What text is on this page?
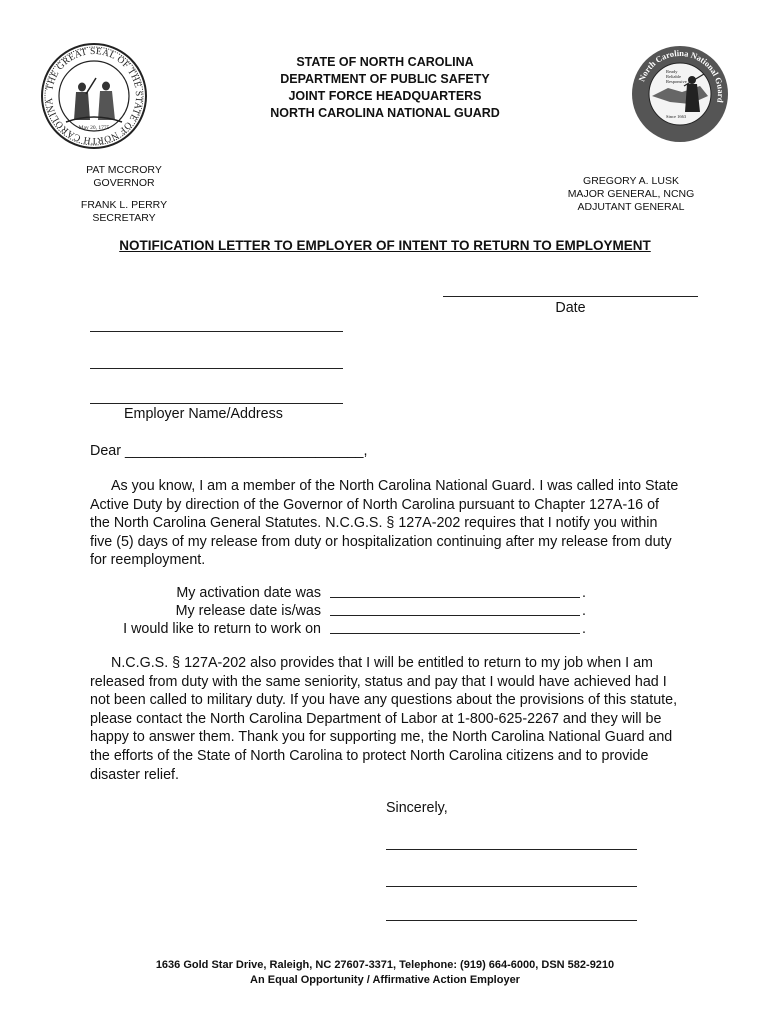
THE GREAT SEAL OF THE STATE OF NORTH CAROLINA
May 20, 1775
North Carolina National Guard
Ready
Reliable
Responsive
Since 1663
STATE OF NORTH CAROLINA
DEPARTMENT OF PUBLIC SAFETY
JOINT FORCE HEADQUARTERS
NORTH CAROLINA NATIONAL GUARD
PAT MCCRORY
GOVERNOR
FRANK L. PERRY
SECRETARY
GREGORY A. LUSK
MAJOR GENERAL, NCNG
ADJUTANT GENERAL
NOTIFICATION LETTER TO EMPLOYER OF INTENT TO RETURN TO EMPLOYMENT
Date
Employer Name/Address
Dear ______________________________,
As you know, I am a member of the North Carolina National Guard. I was called into State Active Duty by direction of the Governor of North Carolina pursuant to Chapter 127A-16 of the North Carolina General Statutes. N.C.G.S. § 127A-202 requires that I notify you within five (5) days of my release from duty or hospitalization continuing after my release from duty for reemployment.
My activation date was	.
My release date is/was	.
I would like to return to work on	.
N.C.G.S. § 127A-202 also provides that I will be entitled to return to my job when I am released from duty with the same seniority, status and pay that I would have achieved had I not been called to military duty. If you have any questions about the provisions of this statute, please contact the North Carolina Department of Labor at 1-800-625-2267 and they will be happy to answer them. Thank you for supporting me, the North Carolina National Guard and the efforts of the State of North Carolina to protect North Carolina citizens and to provide disaster relief.
Sincerely,
1636 Gold Star Drive, Raleigh, NC 27607-3371, Telephone: (919) 664-6000, DSN 582-9210
An Equal Opportunity / Affirmative Action Employer
